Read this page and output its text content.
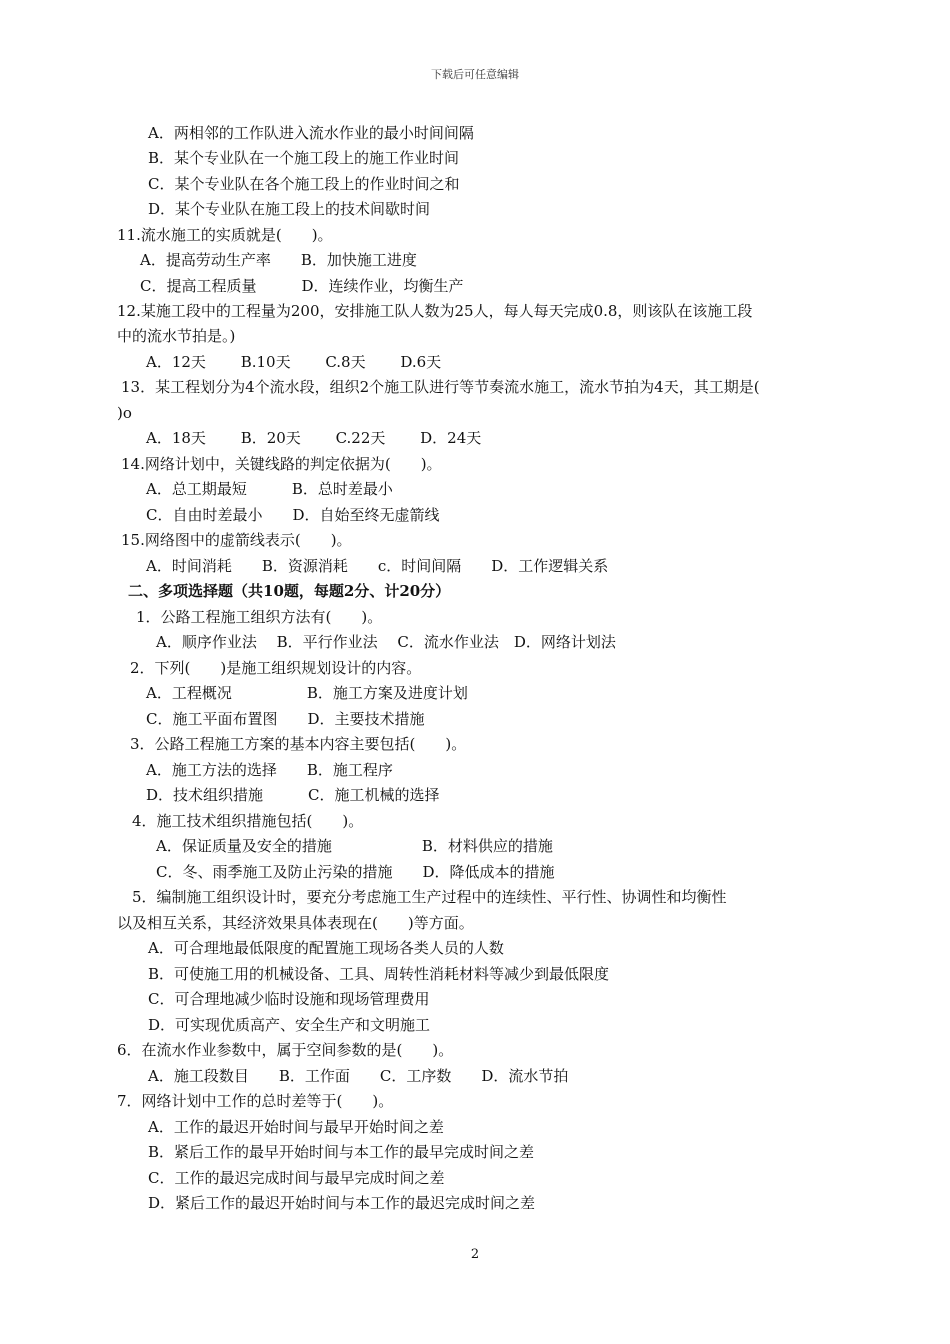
下载后可任意编辑
A．两相邻的工作队进入流水作业的最小时间间隔
B．某个专业队在一个施工段上的施工作业时间
C．某个专业队在各个施工段上的作业时间之和
D．某个专业队在施工段上的技术间歇时间
11.流水施工的实质就是(　　)。
A．提高劳动生产率　　B．加快施工进度
C．提高工程质量　　　D．连续作业，均衡生产
12.某施工段中的工程量为200，安排施工队人数为25人，每人每天完成0.8，则该队在该施工段
中的流水节拍是。)
A．12天　　 B.10天　　 C.8天　　 D.6天
13．某工程划分为4个流水段，组织2个施工队进行等节奏流水施工，流水节拍为4天，其工期是(
)o
A．18天　　 B．20天　　 C.22天　　 D．24天
14.网络计划中，关键线路的判定依据为(　　)。
A．总工期最短　　　B．总时差最小
C．自由时差最小　　D．自始至终无虚箭线
15.网络图中的虚箭线表示(　　)。
A．时间消耗　　B．资源消耗　　c．时间间隔　　D．工作逻辑关系
二、多项选择题（共10题，每题2分、计20分）
1．公路工程施工组织方法有(　　)。
A．顺序作业法　 B．平行作业法　 C．流水作业法　D．网络计划法
2．下列(　　)是施工组织规划设计的内容。
A．工程概况　　　　　B．施工方案及进度计划
C．施工平面布置图　　D．主要技术措施
3．公路工程施工方案的基本内容主要包括(　　)。
A．施工方法的选择　　B．施工程序
D．技术组织措施　　　C．施工机械的选择
4．施工技术组织措施包括(　　)。
A．保证质量及安全的措施　　　　　　B．材料供应的措施
C．冬、雨季施工及防止污染的措施　　D．降低成本的措施
5．编制施工组织设计时，要充分考虑施工生产过程中的连续性、平行性、协调性和均衡性
以及相互关系，其经济效果具体表现在(　　)等方面。
A．可合理地最低限度的配置施工现场各类人员的人数
B．可使施工用的机械设备、工具、周转性消耗材料等减少到最低限度
C．可合理地减少临时设施和现场管理费用
D．可实现优质高产、安全生产和文明施工
6．在流水作业参数中，属于空间参数的是(　　)。
A．施工段数目　　B．工作面　　C．工序数　　D．流水节拍
7．网络计划中工作的总时差等于(　　)。
A．工作的最迟开始时间与最早开始时间之差
B．紧后工作的最早开始时间与本工作的最早完成时间之差
C．工作的最迟完成时间与最早完成时间之差
D．紧后工作的最迟开始时间与本工作的最迟完成时间之差
2
